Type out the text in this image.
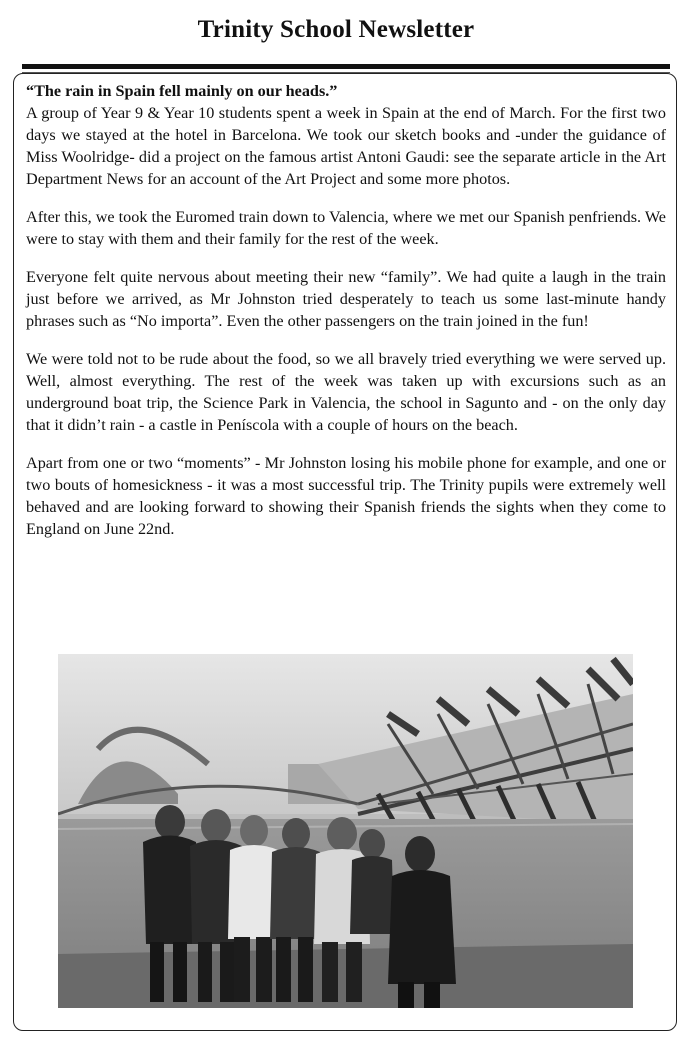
Trinity School Newsletter

“The rain in Spain fell mainly on our heads.”
A group of Year 9 & Year 10 students spent a week in Spain at the end of March. For the first two days we stayed at the hotel in Barcelona. We took our sketch books and -under the guidance of Miss Woolridge- did a project on the famous artist Antoni Gaudi: see the separate article in the Art Department News for an account of the Art Project and some more photos.

After this, we took the Euromed train down to Valencia, where we met our Spanish penfriends. We were to stay with them and their family for the rest of the week.

Everyone felt quite nervous about meeting their new “family”. We had quite a laugh in the train just before we arrived, as Mr Johnston tried desperately to teach us some last-minute handy phrases such as “No importa”. Even the other passengers on the train joined in the fun!

We were told not to be rude about the food, so we all bravely tried everything we were served up. Well, almost everything. The rest of the week was taken up with excursions such as an underground boat trip, the Science Park in Valencia, the school in Sagunto and - on the only day that it didn’t rain - a castle in Peníscola with a couple of hours on the beach.

Apart from one or two “moments” - Mr Johnston losing his mobile phone for example, and one or two bouts of homesickness - it was a most successful trip. The Trinity pupils were extremely well behaved and are looking forward to showing their Spanish friends the sights when they come to England on June 22nd.
